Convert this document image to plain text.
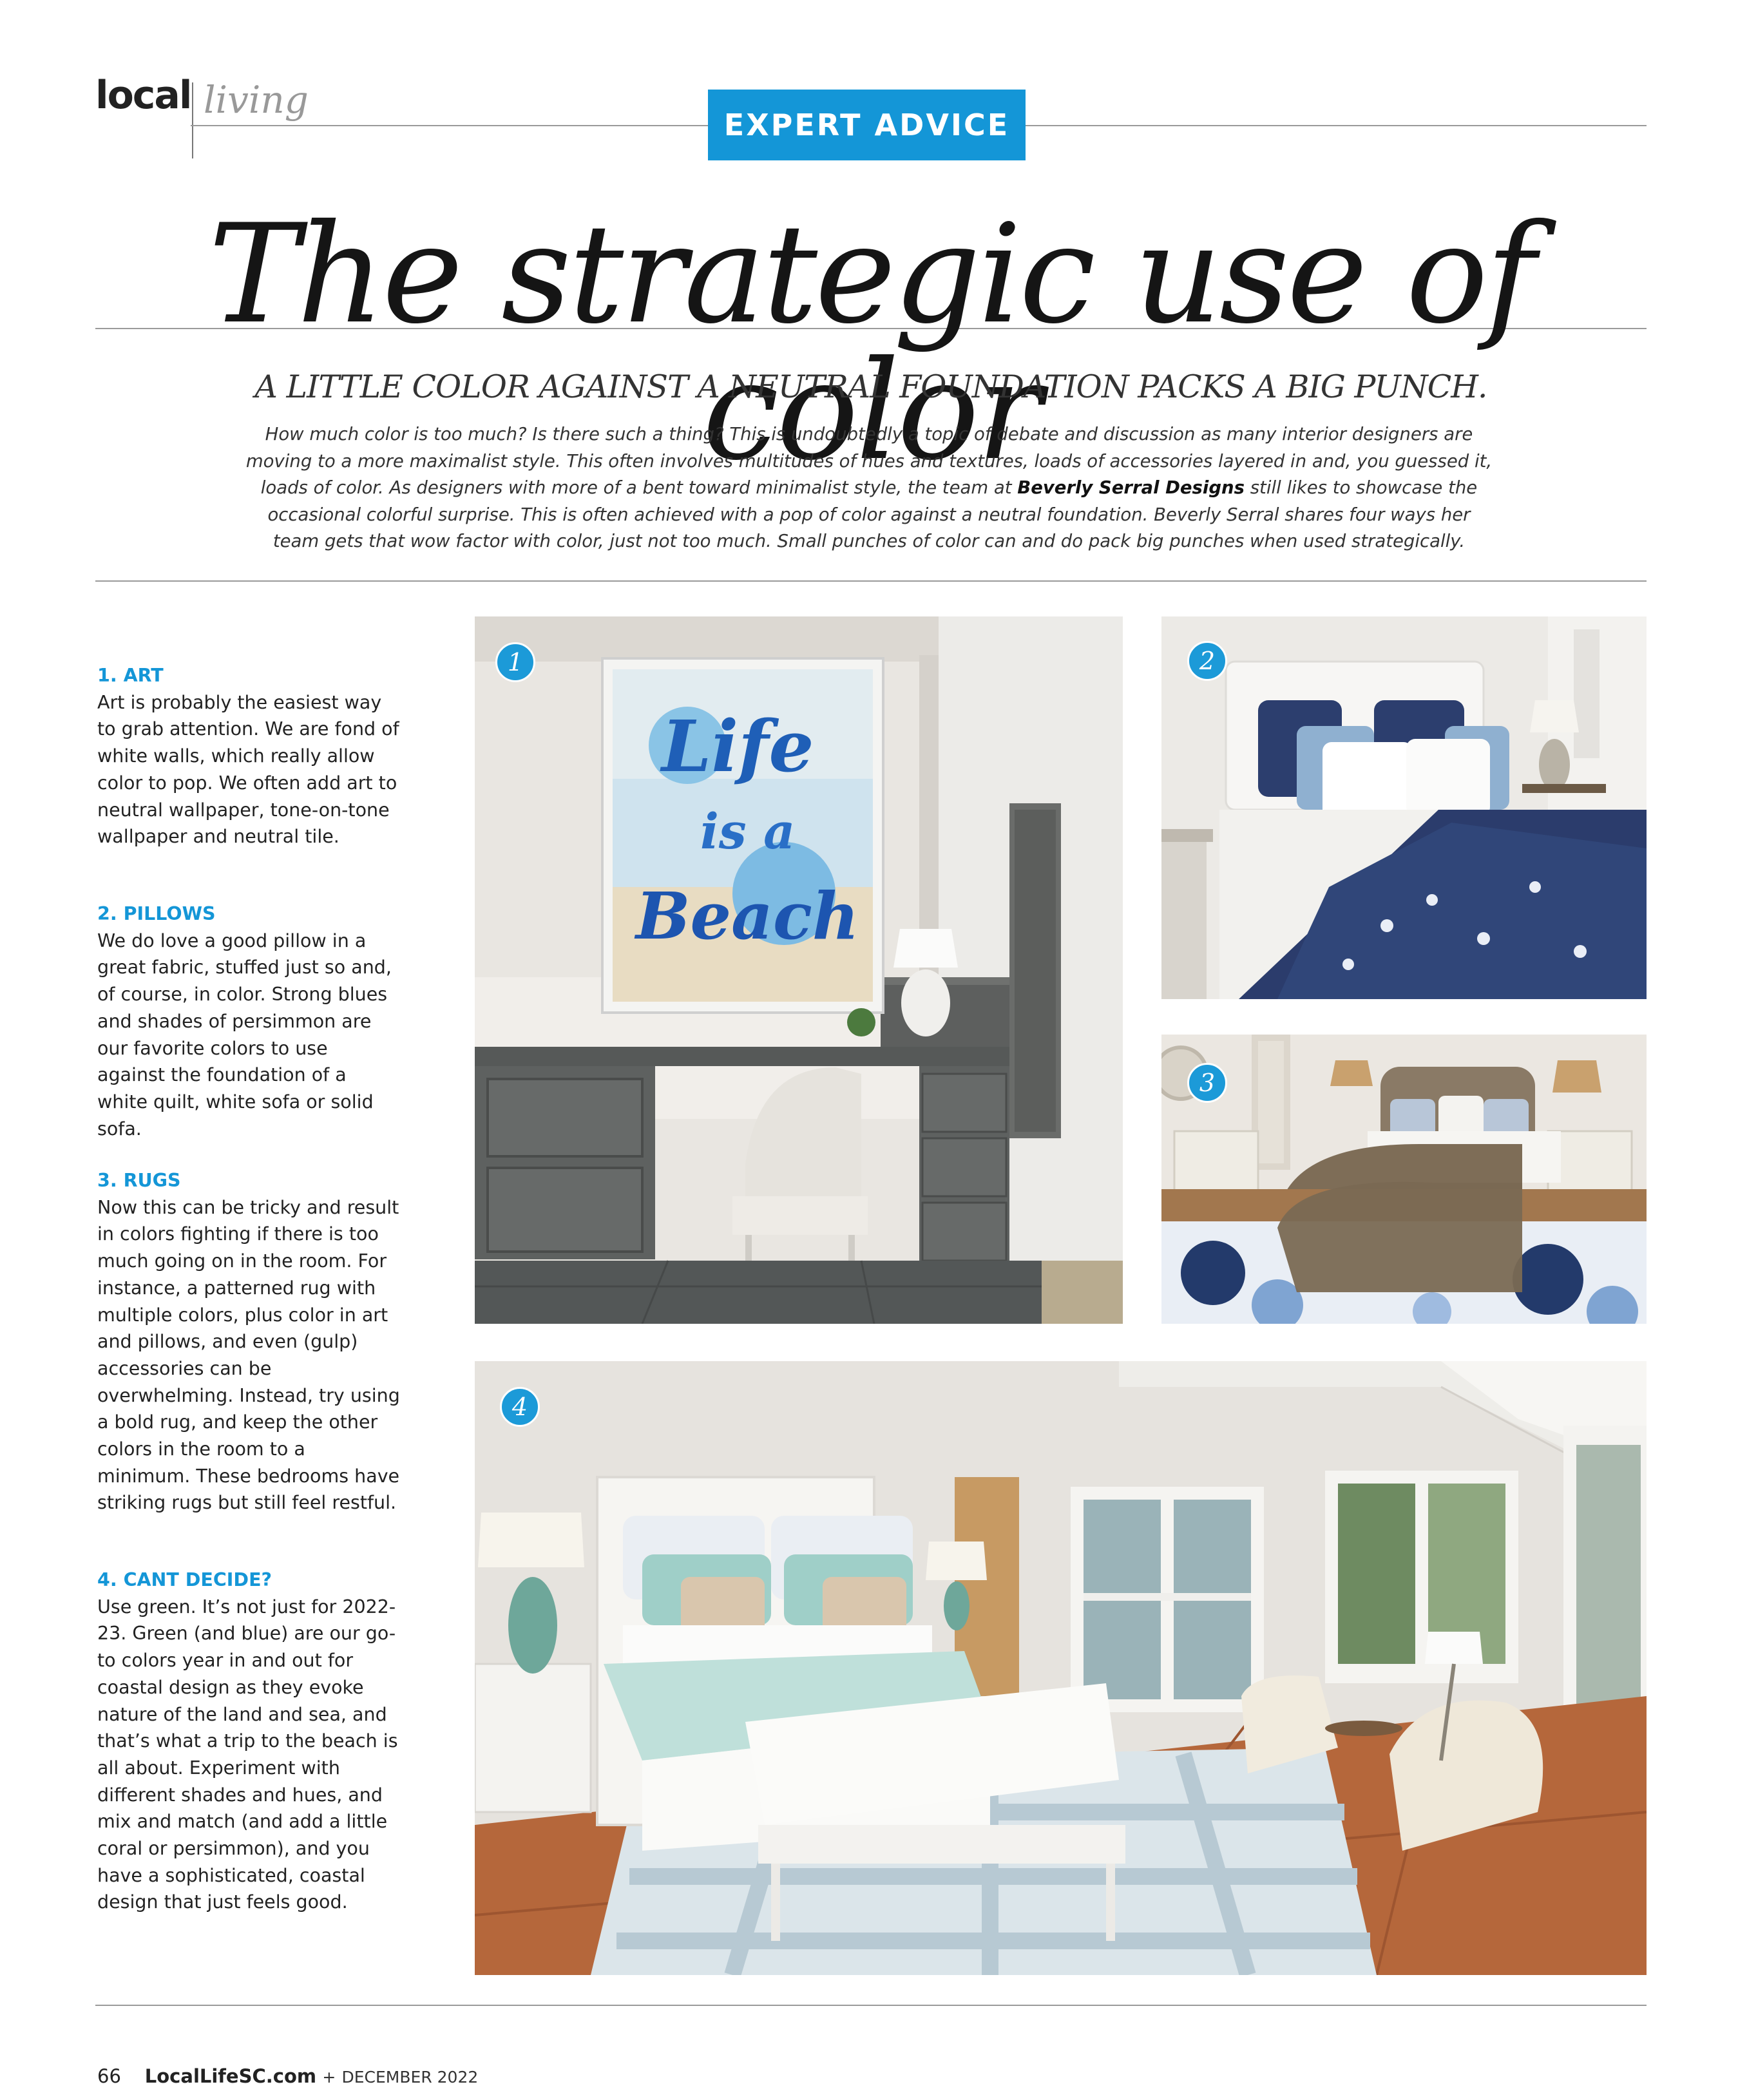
local living
EXPERT ADVICE
The strategic use of color
A LITTLE COLOR AGAINST A NEUTRAL FOUNDATION PACKS A BIG PUNCH.
How much color is too much? Is there such a thing? This is undoubtedly a topic of debate and discussion as many interior designers are moving to a more maximalist style. This often involves multitudes of hues and textures, loads of accessories layered in and, you guessed it, loads of color. As designers with more of a bent toward minimalist style, the team at Beverly Serral Designs still likes to showcase the occasional colorful surprise. This is often achieved with a pop of color against a neutral foundation. Beverly Serral shares four ways her team gets that wow factor with color, just not too much. Small punches of color can and do pack big punches when used strategically.
1. ART

Art is probably the easiest way to grab attention. We are fond of white walls, which really allow color to pop. We often add art to neutral wallpaper, tone-on-tone wallpaper and neutral tile.

2. PILLOWS

We do love a good pillow in a great fabric, stuffed just so and, of course, in color. Strong blues and shades of persimmon are our favorite colors to use against the foundation of a white quilt, white sofa or solid sofa.

3. RUGS

Now this can be tricky and result in colors fighting if there is too much going on in the room. For instance, a patterned rug with multiple colors, plus color in art and pillows, and even (gulp) accessories can be overwhelming. Instead, try using a bold rug, and keep the other colors in the room to a minimum. These bedrooms have striking rugs but still feel restful.

4. CANT DECIDE?

Use green. It’s not just for 2022-23. Green (and blue) are our go-to colors year in and out for coastal design as they evoke nature of the land and sea, and that’s what a trip to the beach is all about. Experiment with different shades and hues, and mix and match (and add a little coral or persimmon), and you have a sophisticated, coastal design that just feels good.

Life
is a
Beach
1	2
3
4
66 LocalLifeSC.com + DECEMBER 2022
